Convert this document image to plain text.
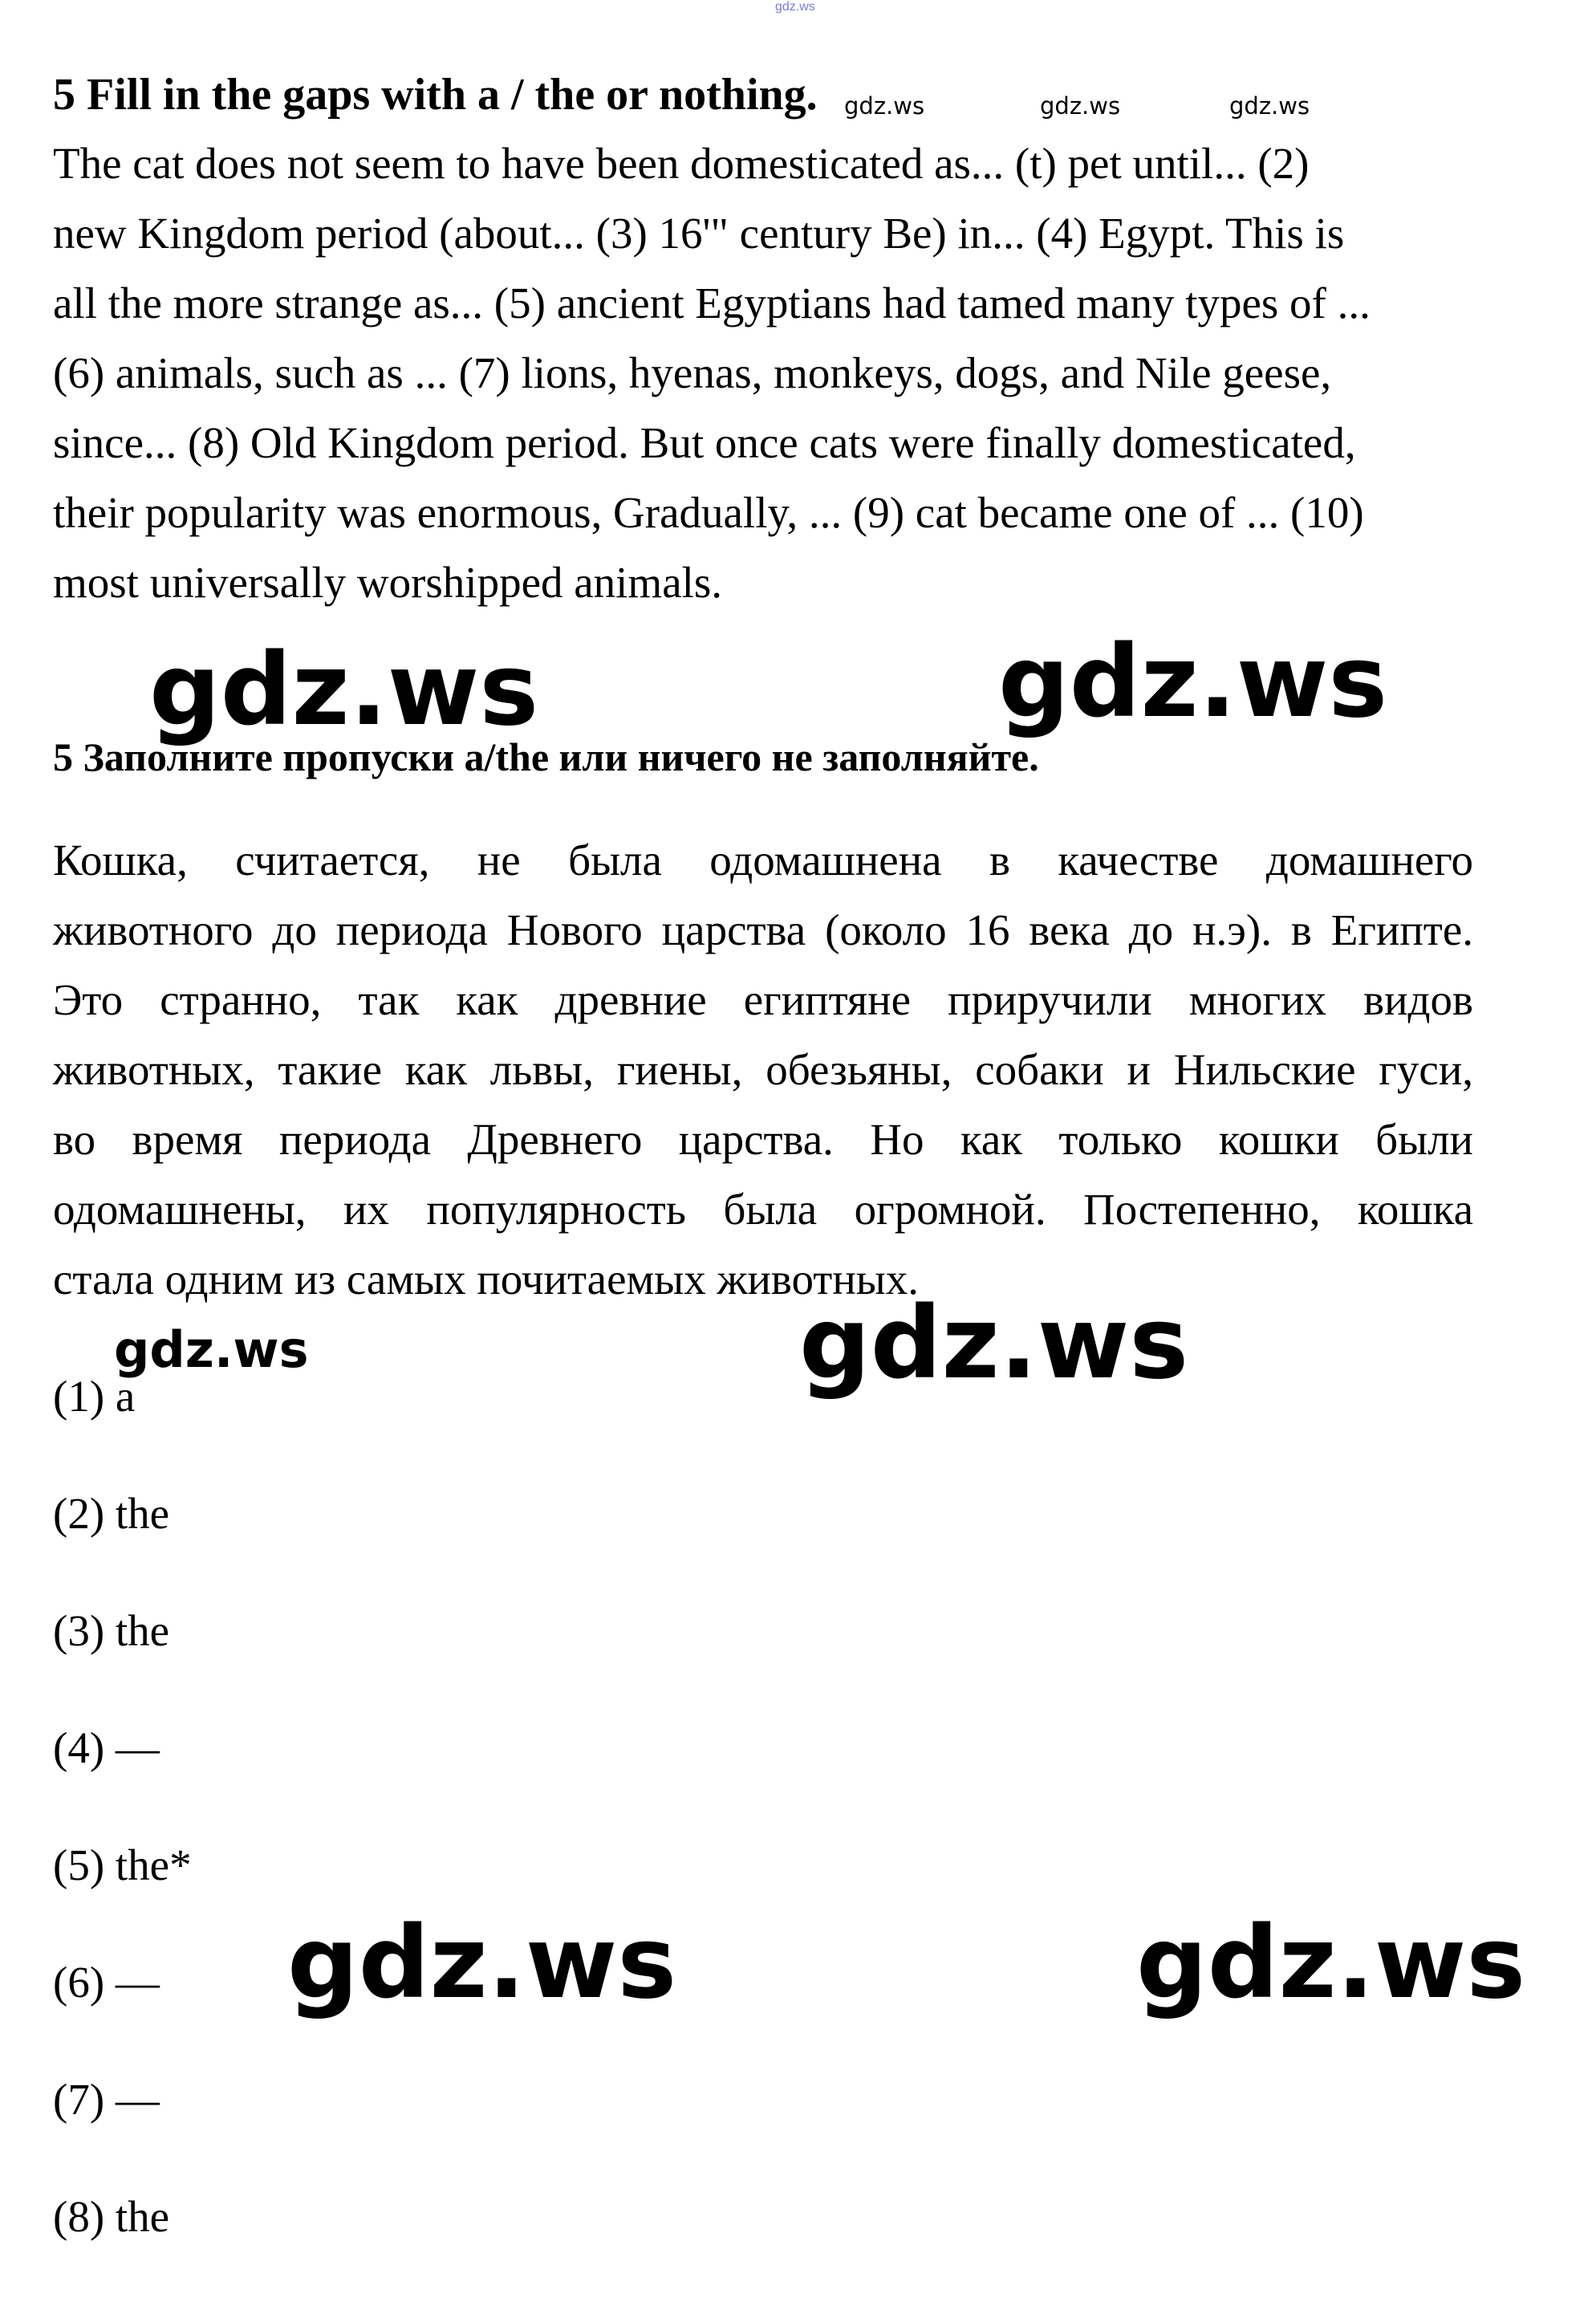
gdz.ws
5 Fill in the gaps with a / the or nothing. gdz.ws	gdz.ws	gdz.ws
The cat does not seem to have been domesticated as... (t) pet until... (2)
new Kingdom period (about... (3) 16'" century Be) in... (4) Egypt. This is
all the more strange as... (5) ancient Egyptians had tamed many types of ...
(6) animals, such as ... (7) lions, hyenas, monkeys, dogs, and Nile geese,
since... (8) Old Kingdom period. But once cats were finally domesticated,
their popularity was enormous, Gradually, ... (9) cat became one of ... (10)
most universally worshipped animals.
gdz.ws	gdz.ws
5 Заполните пропуски a/the или ничего не заполняйте.
Кошка, считается, не была одомашнена в качестве домашнего
животного до периода Нового царства (около 16 века до н.э). в Египте.
Это странно, так как древние египтяне приручили многих видов
животных, такие как львы, гиены, обезьяны, собаки и Нильские гуси,
во время периода Древнего царства. Но как только кошки были
одомашнены, их популярность была огромной. Постепенно, кошка
стала одним из самых почитаемых животных.
gdz.ws
gdz.ws
(1) a
(2) the
(3) the
(4) —
(5) the*
(6) —
(7) —
(8) the
gdz.ws	gdz.ws
